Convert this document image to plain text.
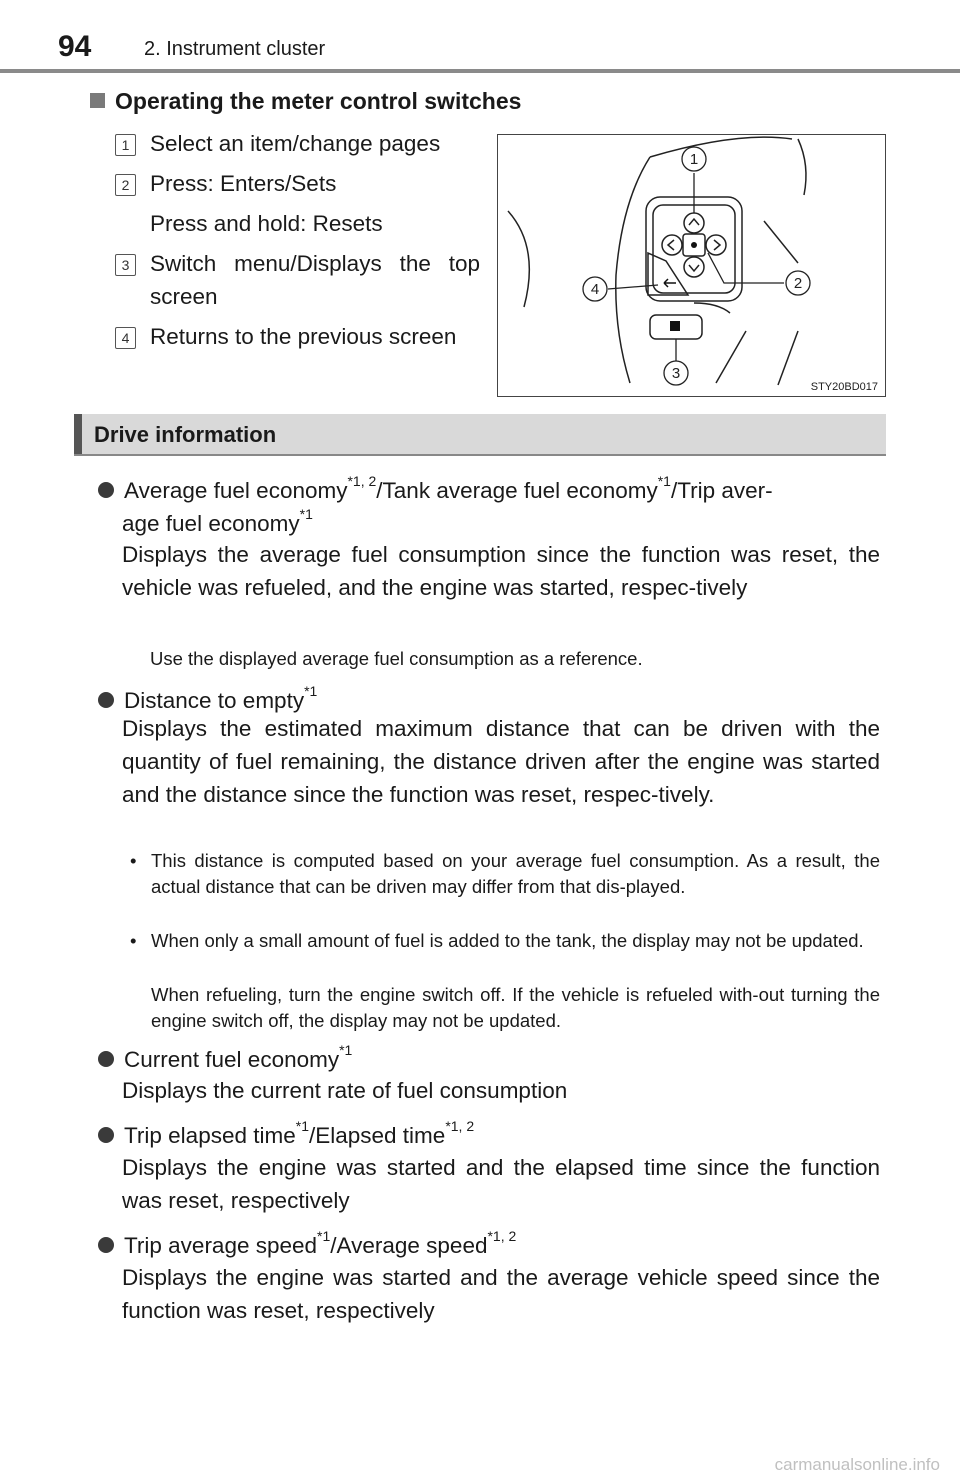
94	2. Instrument cluster
Operating the meter control switches
1 Select an item/change pages
2 Press: Enters/Sets
Press and hold: Resets
3 Switch menu/Displays the top screen
4 Returns to the previous screen
1
2
3
4
STY20BD017
Drive information
Average fuel economy$^{*1, 2}$/Tank average fuel economy$^{*1}$/Trip aver-
age fuel economy$^{*1}$
Displays the average fuel consumption since the function was reset, the vehicle was refueled, and the engine was started, respec-tively
Use the displayed average fuel consumption as a reference.
Distance to empty$^{*1}$
Displays the estimated maximum distance that can be driven with the quantity of fuel remaining, the distance driven after the engine was started and the distance since the function was reset, respec-tively.
• This distance is computed based on your average fuel consumption. As a result, the actual distance that can be driven may differ from that dis-played.
• When only a small amount of fuel is added to the tank, the display may not be updated.
When refueling, turn the engine switch off. If the vehicle is refueled with-out turning the engine switch off, the display may not be updated.
Current fuel economy$^{*1}$
Displays the current rate of fuel consumption
Trip elapsed time$^{*1}$/Elapsed time$^{*1, 2}$
Displays the engine was started and the elapsed time since the function was reset, respectively
Trip average speed$^{*1}$/Average speed$^{*1, 2}$
Displays the engine was started and the average vehicle speed since the function was reset, respectively
carmanualsonline.info
